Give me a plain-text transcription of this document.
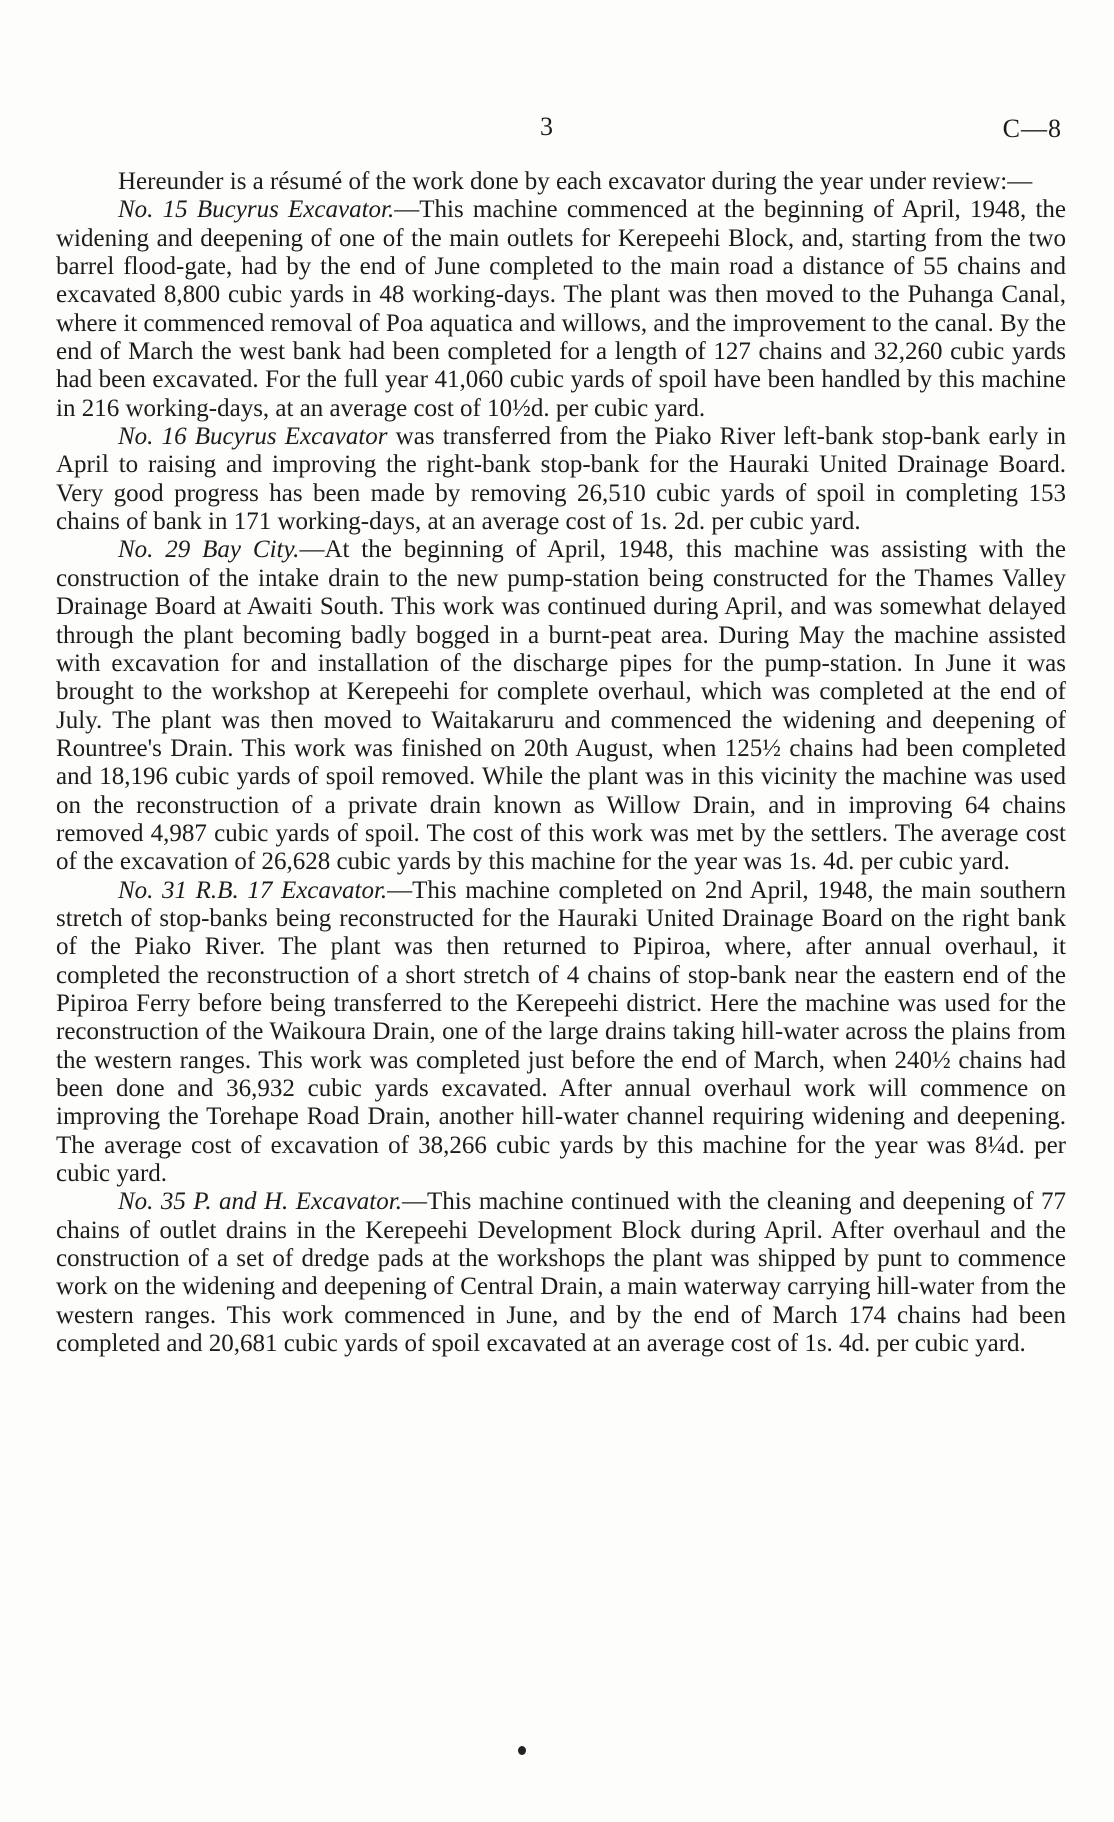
3	C—8

Hereunder is a résumé of the work done by each excavator during the year under review:—

No. 15 Bucyrus Excavator.—This machine commenced at the beginning of April, 1948, the widening and deepening of one of the main outlets for Kerepeehi Block, and, starting from the two barrel flood-gate, had by the end of June completed to the main road a distance of 55 chains and excavated 8,800 cubic yards in 48 working-days. The plant was then moved to the Puhanga Canal, where it commenced removal of Poa aquatica and willows, and the improvement to the canal. By the end of March the west bank had been completed for a length of 127 chains and 32,260 cubic yards had been excavated. For the full year 41,060 cubic yards of spoil have been handled by this machine in 216 working-days, at an average cost of 10½d. per cubic yard.

No. 16 Bucyrus Excavator was transferred from the Piako River left-bank stop-bank early in April to raising and improving the right-bank stop-bank for the Hauraki United Drainage Board. Very good progress has been made by removing 26,510 cubic yards of spoil in completing 153 chains of bank in 171 working-days, at an average cost of 1s. 2d. per cubic yard.

No. 29 Bay City.—At the beginning of April, 1948, this machine was assisting with the construction of the intake drain to the new pump-station being constructed for the Thames Valley Drainage Board at Awaiti South. This work was continued during April, and was somewhat delayed through the plant becoming badly bogged in a burnt-peat area. During May the machine assisted with excavation for and installation of the discharge pipes for the pump-station. In June it was brought to the workshop at Kerepeehi for complete overhaul, which was completed at the end of July. The plant was then moved to Waitakaruru and commenced the widening and deepening of Rountree's Drain. This work was finished on 20th August, when 125½ chains had been completed and 18,196 cubic yards of spoil removed. While the plant was in this vicinity the machine was used on the reconstruction of a private drain known as Willow Drain, and in improving 64 chains removed 4,987 cubic yards of spoil. The cost of this work was met by the settlers. The average cost of the excavation of 26,628 cubic yards by this machine for the year was 1s. 4d. per cubic yard.

No. 31 R.B. 17 Excavator.—This machine completed on 2nd April, 1948, the main southern stretch of stop-banks being reconstructed for the Hauraki United Drainage Board on the right bank of the Piako River. The plant was then returned to Pipiroa, where, after annual overhaul, it completed the reconstruction of a short stretch of 4 chains of stop-bank near the eastern end of the Pipiroa Ferry before being transferred to the Kerepeehi district. Here the machine was used for the reconstruction of the Waikoura Drain, one of the large drains taking hill-water across the plains from the western ranges. This work was completed just before the end of March, when 240½ chains had been done and 36,932 cubic yards excavated. After annual overhaul work will commence on improving the Torehape Road Drain, another hill-water channel requiring widening and deepening. The average cost of excavation of 38,266 cubic yards by this machine for the year was 8¼d. per cubic yard.

No. 35 P. and H. Excavator.—This machine continued with the cleaning and deepening of 77 chains of outlet drains in the Kerepeehi Development Block during April. After overhaul and the construction of a set of dredge pads at the workshops the plant was shipped by punt to commence work on the widening and deepening of Central Drain, a main waterway carrying hill-water from the western ranges. This work commenced in June, and by the end of March 174 chains had been completed and 20,681 cubic yards of spoil excavated at an average cost of 1s. 4d. per cubic yard.
